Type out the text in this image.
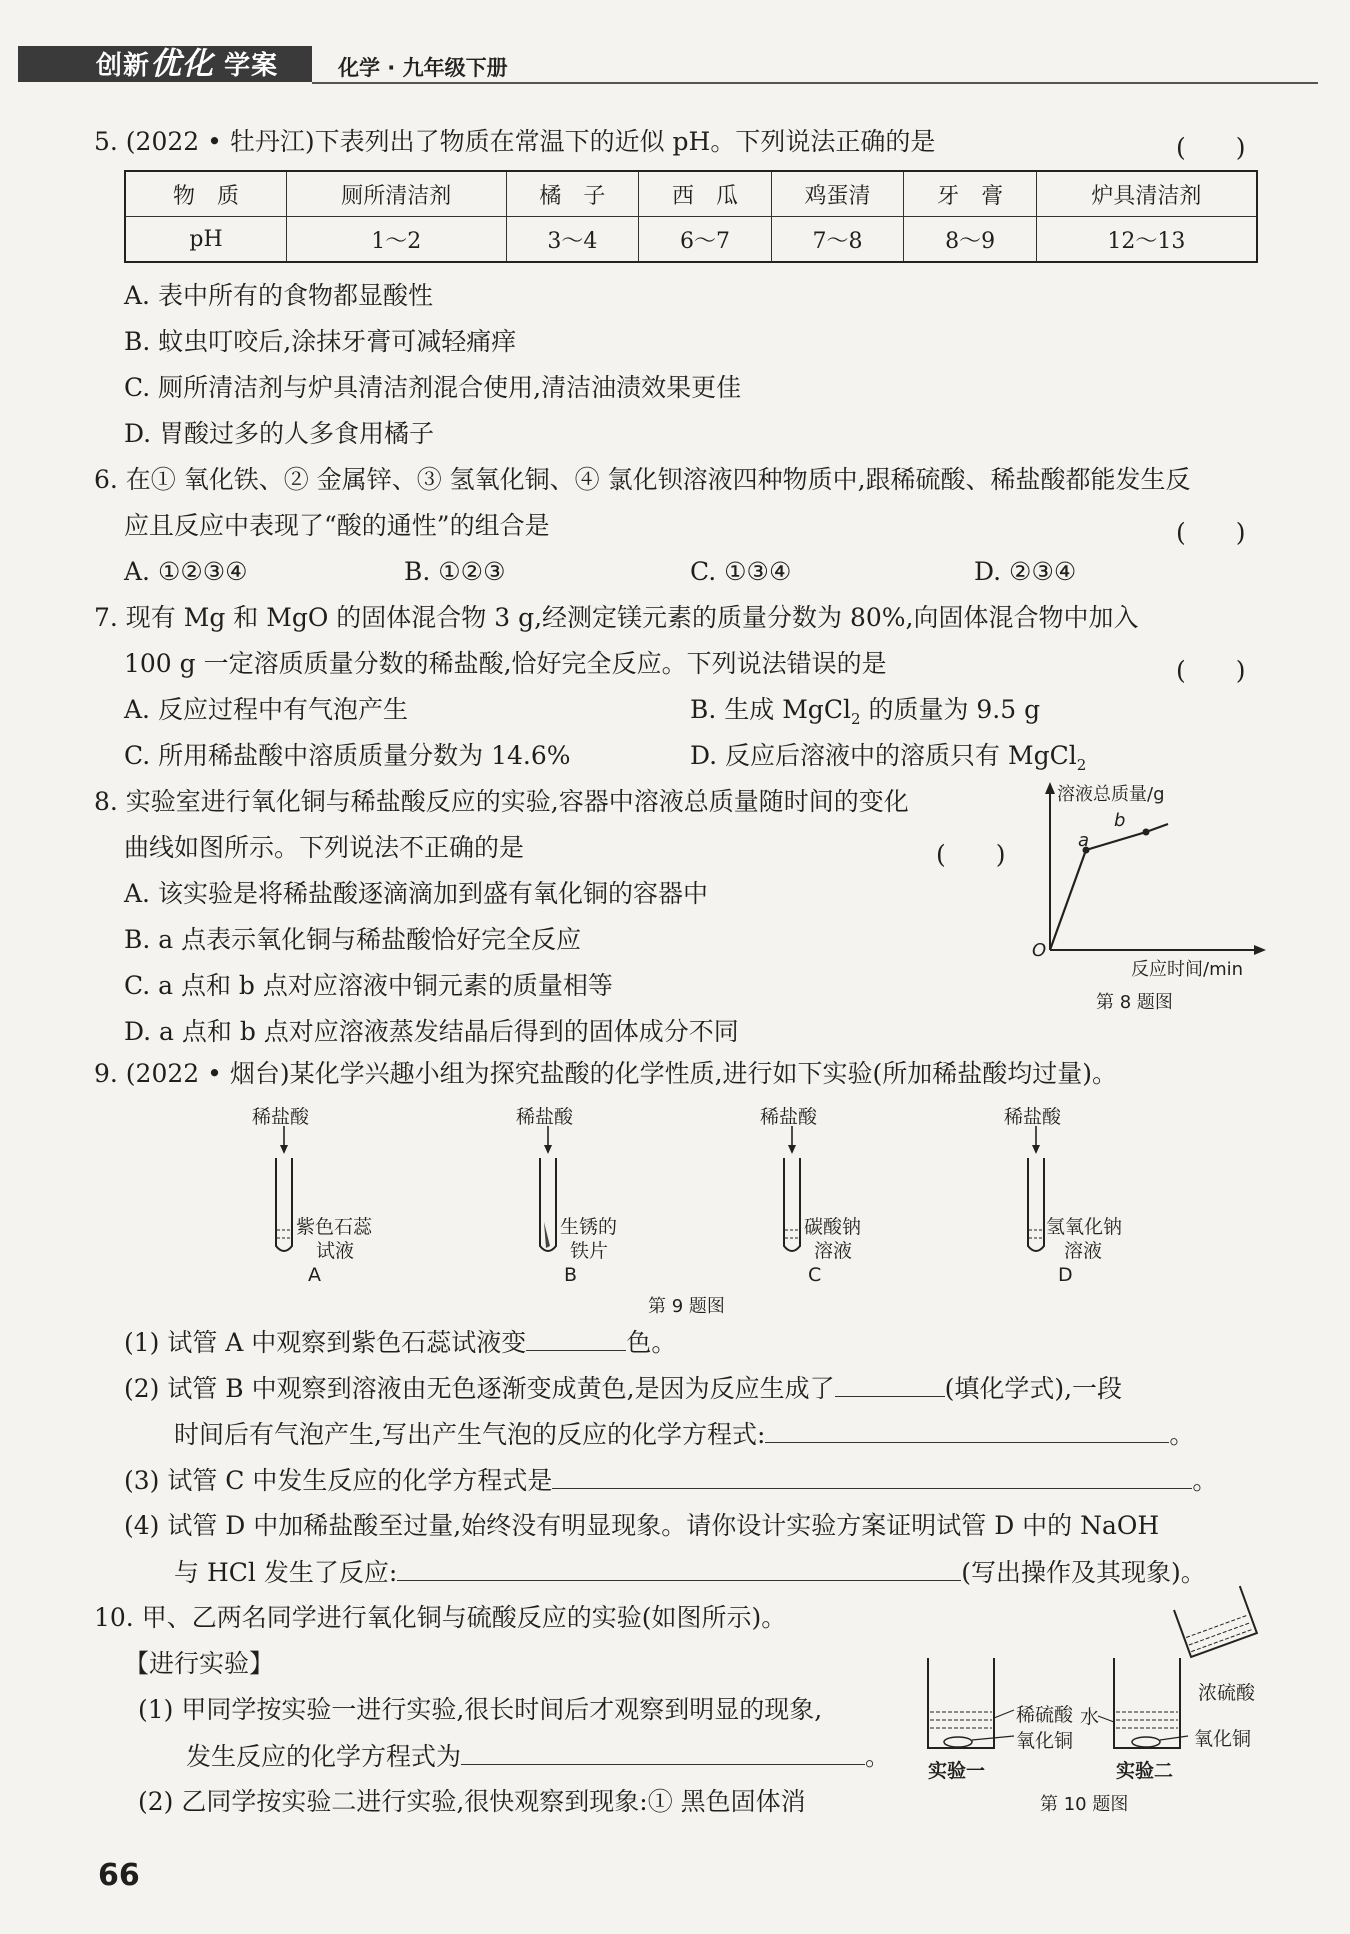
创新优化 学案	化学 · 九年级下册
5. (2022 • 牡丹江)下表列出了物质在常温下的近似 pH。下列说法正确的是	(　　)
物　质	厕所清洁剂	橘　子	西　瓜	鸡蛋清	牙　膏	炉具清洁剂
pH	1～2	3～4	6～7	7～8	8～9	12～13
A. 表中所有的食物都显酸性
B. 蚊虫叮咬后,涂抹牙膏可减轻痛痒
C. 厕所清洁剂与炉具清洁剂混合使用,清洁油渍效果更佳
D. 胃酸过多的人多食用橘子
6. 在① 氧化铁、② 金属锌、③ 氢氧化铜、④ 氯化钡溶液四种物质中,跟稀硫酸、稀盐酸都能发生反
应且反应中表现了“酸的通性”的组合是	(　　)
A. ①②③④	B. ①②③	C. ①③④	D. ②③④
7. 现有 Mg 和 MgO 的固体混合物 3 g,经测定镁元素的质量分数为 80%,向固体混合物中加入
100 g 一定溶质质量分数的稀盐酸,恰好完全反应。下列说法错误的是	(　　)
A. 反应过程中有气泡产生	B. 生成 MgCl$_2$ 的质量为 9.5 g
C. 所用稀盐酸中溶质质量分数为 14.6%	D. 反应后溶液中的溶质只有 MgCl$_2$
8. 实验室进行氧化铜与稀盐酸反应的实验,容器中溶液总质量随时间的变化
曲线如图所示。下列说法不正确的是	(　　)
A. 该实验是将稀盐酸逐滴滴加到盛有氧化铜的容器中
B. a 点表示氧化铜与稀盐酸恰好完全反应
C. a 点和 b 点对应溶液中铜元素的质量相等
D. a 点和 b 点对应溶液蒸发结晶后得到的固体成分不同
溶液总质量/g
反应时间/min
O
a
b
第 8 题图
9. (2022 • 烟台)某化学兴趣小组为探究盐酸的化学性质,进行如下实验(所加稀盐酸均过量)。
稀盐酸
紫色石蕊
试液
A
稀盐酸
生锈的
铁片
B
稀盐酸
碳酸钠
溶液
C
稀盐酸
氢氧化钠
溶液
D
第 9 题图
(1) 试管 A 中观察到紫色石蕊试液变	色。
(2) 试管 B 中观察到溶液由无色逐渐变成黄色,是因为反应生成了	(填化学式),一段
时间后有气泡产生,写出产生气泡的反应的化学方程式:	。
(3) 试管 C 中发生反应的化学方程式是	。
(4) 试管 D 中加稀盐酸至过量,始终没有明显现象。请你设计实验方案证明试管 D 中的 NaOH
与 HCl 发生了反应:	(写出操作及其现象)。
10. 甲、乙两名同学进行氧化铜与硫酸反应的实验(如图所示)。
【进行实验】
(1) 甲同学按实验一进行实验,很长时间后才观察到明显的现象,
发生反应的化学方程式为	。
(2) 乙同学按实验二进行实验,很快观察到现象:① 黑色固体消
稀硫酸
氧化铜
实验一
水
浓硫酸
氧化铜
实验二
第 10 题图
66
